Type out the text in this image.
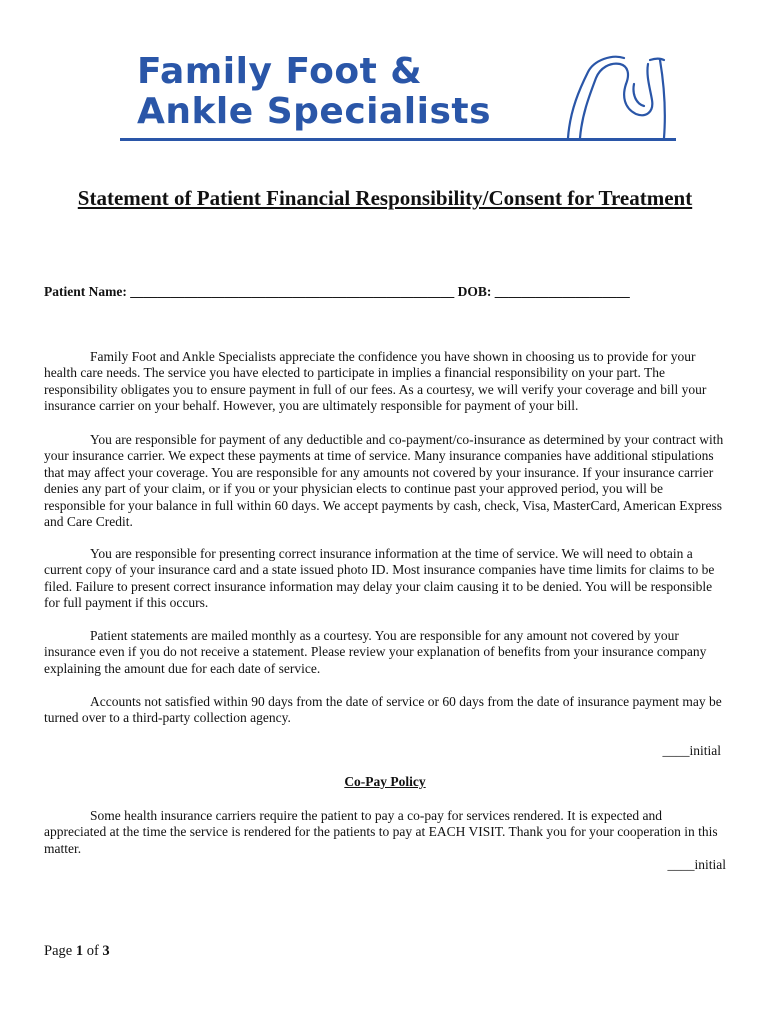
Family Foot &
Ankle Specialists
Statement of Patient Financial Responsibility/Consent for Treatment
Patient Name: ________________________________________________ DOB: ____________________

Family Foot and Ankle Specialists appreciate the confidence you have shown in choosing us to provide for your health care needs. The service you have elected to participate in implies a financial responsibility on your part. The responsibility obligates you to ensure payment in full of our fees. As a courtesy, we will verify your coverage and bill your insurance carrier on your behalf. However, you are ultimately responsible for payment of your bill.

You are responsible for payment of any deductible and co-payment/co-insurance as determined by your contract with your insurance carrier. We expect these payments at time of service. Many insurance companies have additional stipulations that may affect your coverage. You are responsible for any amounts not covered by your insurance. If your insurance carrier denies any part of your claim, or if you or your physician elects to continue past your approved period, you will be responsible for your balance in full within 60 days. We accept payments by cash, check, Visa, MasterCard, American Express and Care Credit.

You are responsible for presenting correct insurance information at the time of service. We will need to obtain a current copy of your insurance card and a state issued photo ID. Most insurance companies have time limits for claims to be filed. Failure to present correct insurance information may delay your claim causing it to be denied. You will be responsible for full payment if this occurs.

Patient statements are mailed monthly as a courtesy. You are responsible for any amount not covered by your insurance even if you do not receive a statement. Please review your explanation of benefits from your insurance company explaining the amount due for each date of service.

Accounts not satisfied within 90 days from the date of service or 60 days from the date of insurance payment may be turned over to a third-party collection agency.

____initial
Co-Pay Policy

Some health insurance carriers require the patient to pay a co-pay for services rendered. It is expected and appreciated at the time the service is rendered for the patients to pay at EACH VISIT. Thank you for your cooperation in this matter.

____initial
Page 1 of 3
